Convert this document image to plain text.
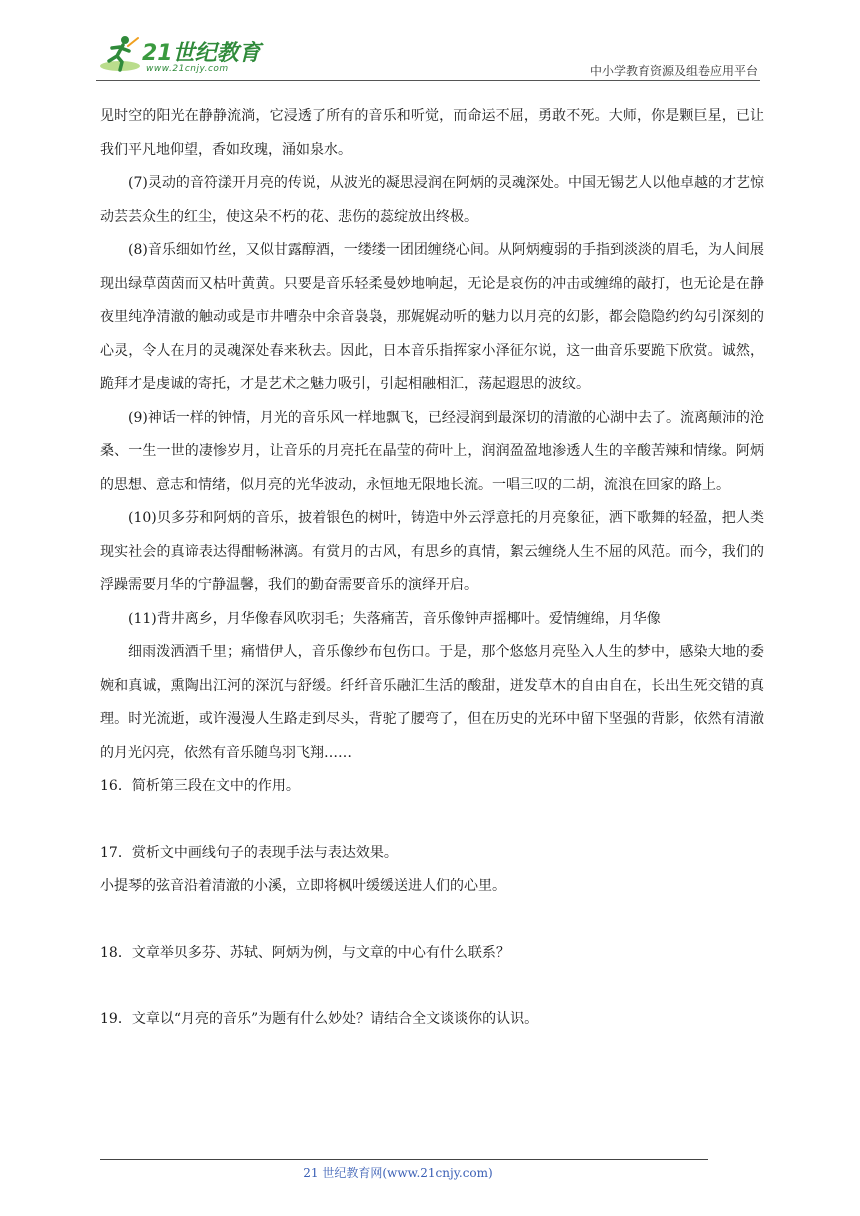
21世纪教育
www.21cnjy.com	中小学教育资源及组卷应用平台

见时空的阳光在静静流淌，它浸透了所有的音乐和听觉，而命运不屈，勇敢不死。大师，你是颗巨星，已让我们平凡地仰望，香如玫瑰，涌如泉水。

(7)灵动的音符漾开月亮的传说，从波光的凝思浸润在阿炳的灵魂深处。中国无锡艺人以他卓越的才艺惊动芸芸众生的红尘，使这朵不朽的花、悲伤的蕊绽放出终极。

(8)音乐细如竹丝，又似甘露醇酒，一缕缕一团团缠绕心间。从阿炳瘦弱的手指到淡淡的眉毛，为人间展现出绿草茵茵而又枯叶黄黄。只要是音乐轻柔曼妙地响起，无论是哀伤的冲击或缠绵的敲打，也无论是在静夜里纯净清澈的触动或是市井嘈杂中余音袅袅，那娓娓动听的魅力以月亮的幻影，都会隐隐约约勾引深刻的心灵，令人在月的灵魂深处春来秋去。因此，日本音乐指挥家小泽征尔说，这一曲音乐要跪下欣赏。诚然，跪拜才是虔诚的寄托，才是艺术之魅力吸引，引起相融相汇，荡起遐思的波纹。

(9)神话一样的钟情，月光的音乐风一样地飘飞，已经浸润到最深切的清澈的心湖中去了。流离颠沛的沧桑、一生一世的凄惨岁月，让音乐的月亮托在晶莹的荷叶上，润润盈盈地渗透人生的辛酸苦辣和情缘。阿炳的思想、意志和情绪，似月亮的光华波动，永恒地无限地长流。一唱三叹的二胡，流浪在回家的路上。

(10)贝多芬和阿炳的音乐，披着银色的树叶，铸造中外云浮意托的月亮象征，洒下歌舞的轻盈，把人类现实社会的真谛表达得酣畅淋漓。有赏月的古风，有思乡的真情，絮云缠绕人生不屈的风范。而今，我们的浮躁需要月华的宁静温馨，我们的勤奋需要音乐的演绎开启。

(11)背井离乡，月华像春风吹羽毛；失落痛苦，音乐像钟声摇椰叶。爱情缠绵，月华像

细雨泼洒酒千里；痛惜伊人，音乐像纱布包伤口。于是，那个悠悠月亮坠入人生的梦中，感染大地的委婉和真诚，熏陶出江河的深沉与舒缓。纤纤音乐融汇生活的酸甜，迸发草木的自由自在，长出生死交错的真理。时光流逝，或许漫漫人生路走到尽头，背驼了腰弯了，但在历史的光环中留下坚强的背影，依然有清澈的月光闪亮，依然有音乐随鸟羽飞翔……

16．简析第三段在文中的作用。

17．赏析文中画线句子的表现手法与表达效果。

小提琴的弦音沿着清澈的小溪，立即将枫叶缓缓送进人们的心里。

18．文章举贝多芬、苏轼、阿炳为例，与文章的中心有什么联系？

19．文章以“月亮的音乐”为题有什么妙处？请结合全文谈谈你的认识。

21 世纪教育网(www.21cnjy.com)
